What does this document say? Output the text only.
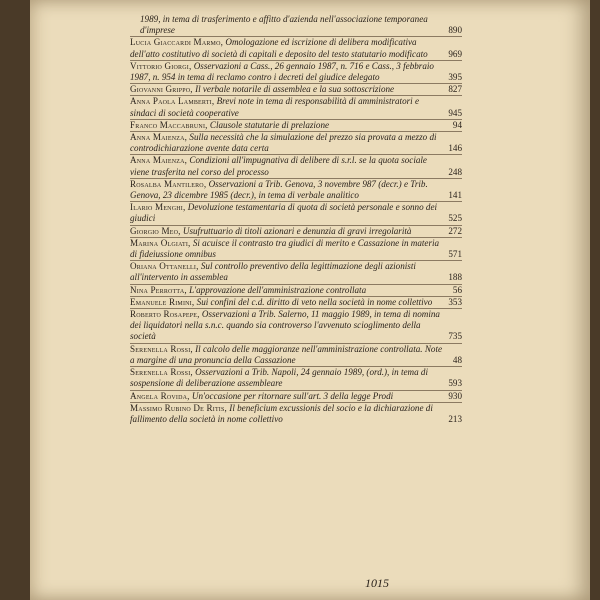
1989, in tema di trasferimento e affitto d'azienda nell'associazione temporanea d'imprese	890
Lucia Giaccardi Marmo, Omologazione ed iscrizione di delibera modificativa dell'atto costitutivo di società di capitali e deposito del testo statutario modificato	969
Vittorio Giorgi, Osservazioni a Cass., 26 gennaio 1987, n. 716 e Cass., 3 febbraio 1987, n. 954 in tema di reclamo contro i decreti del giudice delegato	395
Giovanni Grippo, Il verbale notarile di assemblea e la sua sottoscrizione	827
Anna Paola Lamberti, Brevi note in tema di responsabilità di amministratori e sindaci di società cooperative	945
Franco Maccabruni, Clausole statutarie di prelazione	94
Anna Maienza, Sulla necessità che la simulazione del prezzo sia provata a mezzo di controdichiarazione avente data certa	146
Anna Maienza, Condizioni all'impugnativa di delibere di s.r.l. se la quota sociale viene trasferita nel corso del processo	248
Rosalba Mantilero, Osservazioni a Trib. Genova, 3 novembre 987 (decr.) e Trib. Genova, 23 dicembre 1985 (decr.), in tema di verbale analitico	141
Ilario Menghi, Devoluzione testamentaria di quota di società personale e sonno dei giudici	525
Giorgio Meo, Usufruttuario di titoli azionari e denunzia di gravi irregolarità	272
Marina Olgiati, Si acuisce il contrasto tra giudici di merito e Cassazione in materia di fideiussione omnibus	571
Oriana Ottanelli, Sul controllo preventivo della legittimazione degli azionisti all'intervento in assemblea	188
Nina Perrotta, L'approvazione dell'amministrazione controllata	56
Emanuele Rimini, Sui confini del c.d. diritto di veto nella società in nome collettivo	353
Roberto Rosapepe, Osservazioni a Trib. Salerno, 11 maggio 1989, in tema di nomina dei liquidatori nella s.n.c. quando sia controverso l'avvenuto scioglimento della società	735
Serenella Rossi, Il calcolo delle maggioranze nell'amministrazione controllata. Note a margine di una pronuncia della Cassazione	48
Serenella Rossi, Osservazioni a Trib. Napoli, 24 gennaio 1989, (ord.), in tema di sospensione di deliberazione assembleare	593
Angela Rovida, Un'occasione per ritornare sull'art. 3 della legge Prodi	930
Massimo Rubino De Ritis, Il beneficium excussionis del socio e la dichiarazione di fallimento della società in nome collettivo	213
1015
